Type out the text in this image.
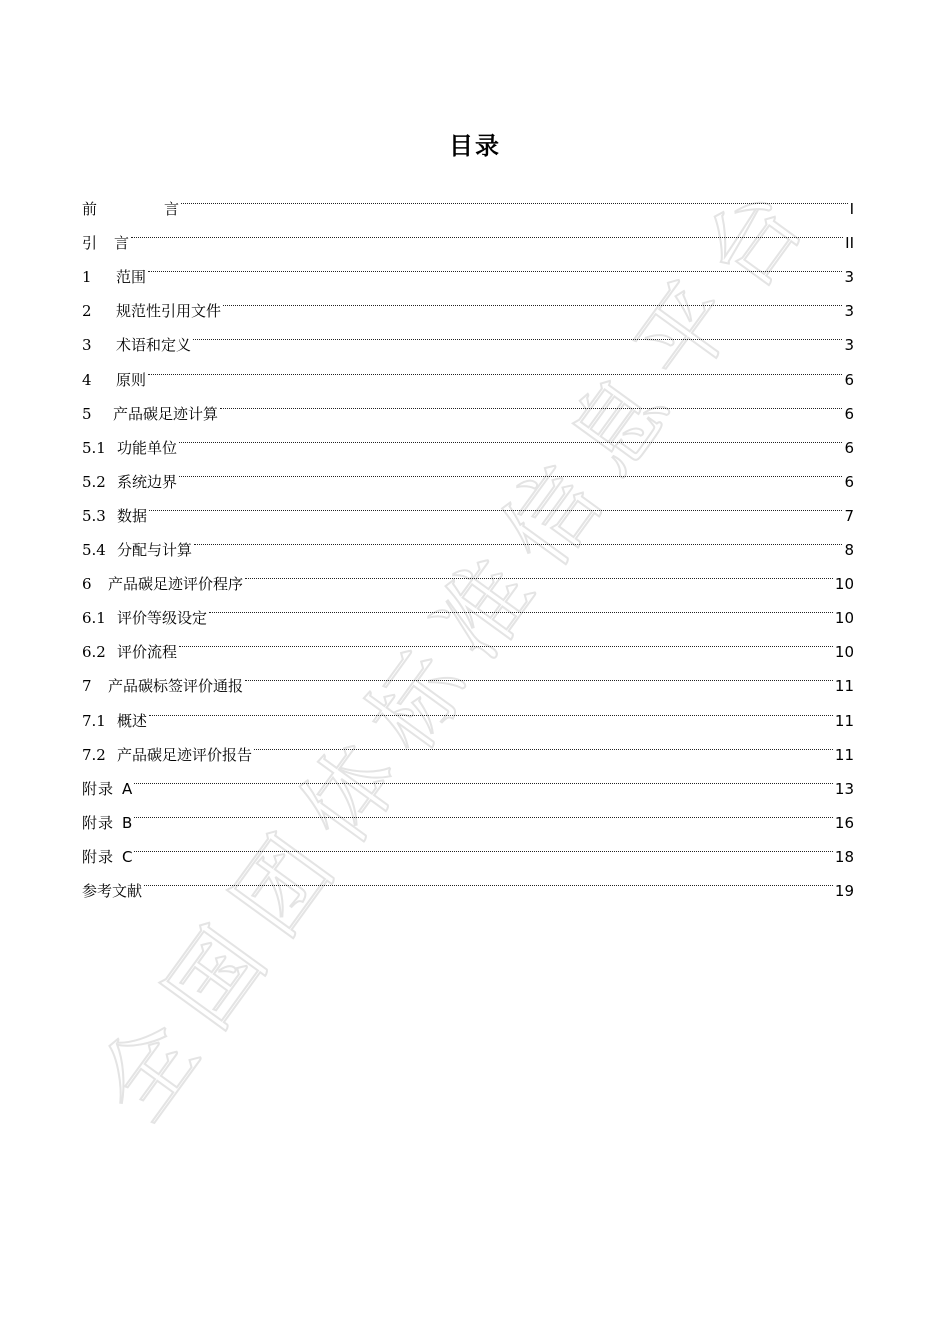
全
国
团
体
标
准
信
息
平
台
目录
前	言	I
引	言	II
1	范围	3
2	规范性引用文件	3
3	术语和定义	3
4	原则	6
5	产品碳足迹计算	6
5.1 功能单位	6
5.2 系统边界	6
5.3 数据	7
5.4 分配与计算	8
6	产品碳足迹评价程序	10
6.1 评价等级设定	10
6.2 评价流程	10
7	产品碳标签评价通报	11
7.1 概述	11
7.2 产品碳足迹评价报告	11
附录 A	13
附录 B	16
附录 C	18
参考文献	19
